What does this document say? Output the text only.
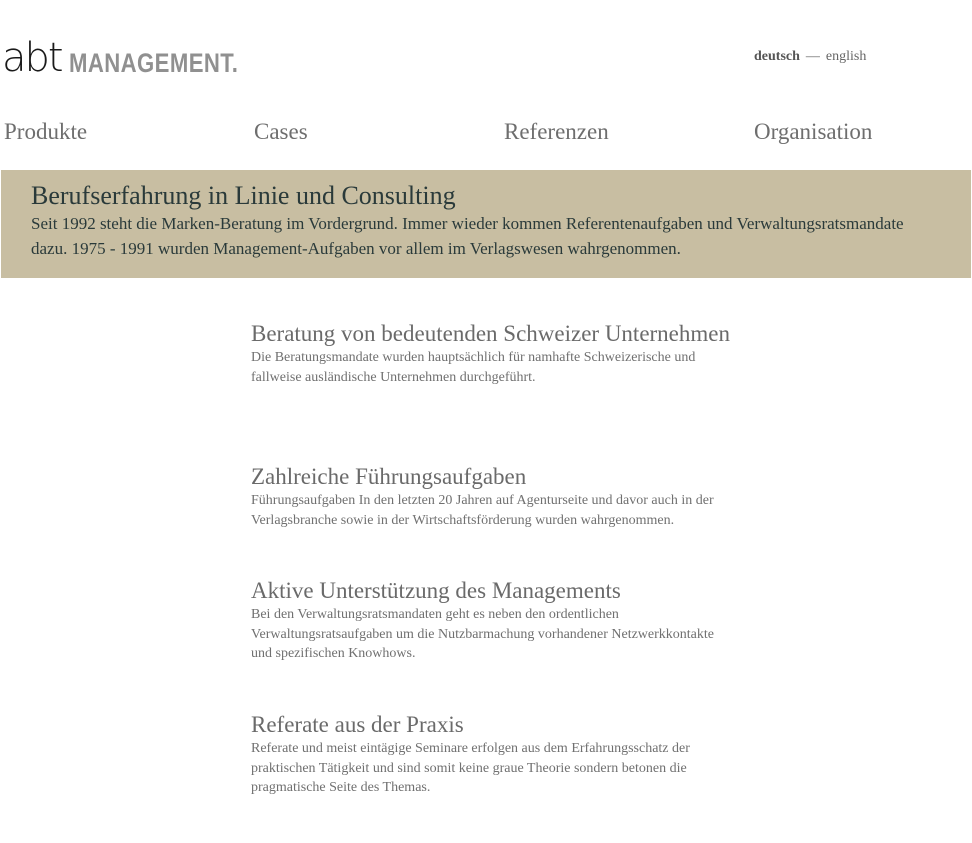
abt MANAGEMENT.	deutsch — english
Produkte	Cases	Referenzen	Organisation
Berufserfahrung in Linie und Consulting
Seit 1992 steht die Marken-Beratung im Vordergrund. Immer wieder kommen Referentenaufgaben und Verwaltungsratsmandate dazu. 1975 - 1991 wurden Management-Aufgaben vor allem im Verlagswesen wahrgenommen.
Beratung von bedeutenden Schweizer Unternehmen

Die Beratungsmandate wurden hauptsächlich für namhafte Schweizerische und fallweise ausländische Unternehmen durchgeführt.

Zahlreiche Führungsaufgaben

Führungsaufgaben In den letzten 20 Jahren auf Agenturseite und davor auch in der Verlagsbranche sowie in der Wirtschaftsförderung wurden wahrgenommen.

Aktive Unterstützung des Managements

Bei den Verwaltungsratsmandaten geht es neben den ordentlichen Verwaltungsratsaufgaben um die Nutzbarmachung vorhandener Netzwerkkontakte und spezifischen Knowhows.

Referate aus der Praxis

Referate und meist eintägige Seminare erfolgen aus dem Erfahrungsschatz der praktischen Tätigkeit und sind somit keine graue Theorie sondern betonen die pragmatische Seite des Themas.
